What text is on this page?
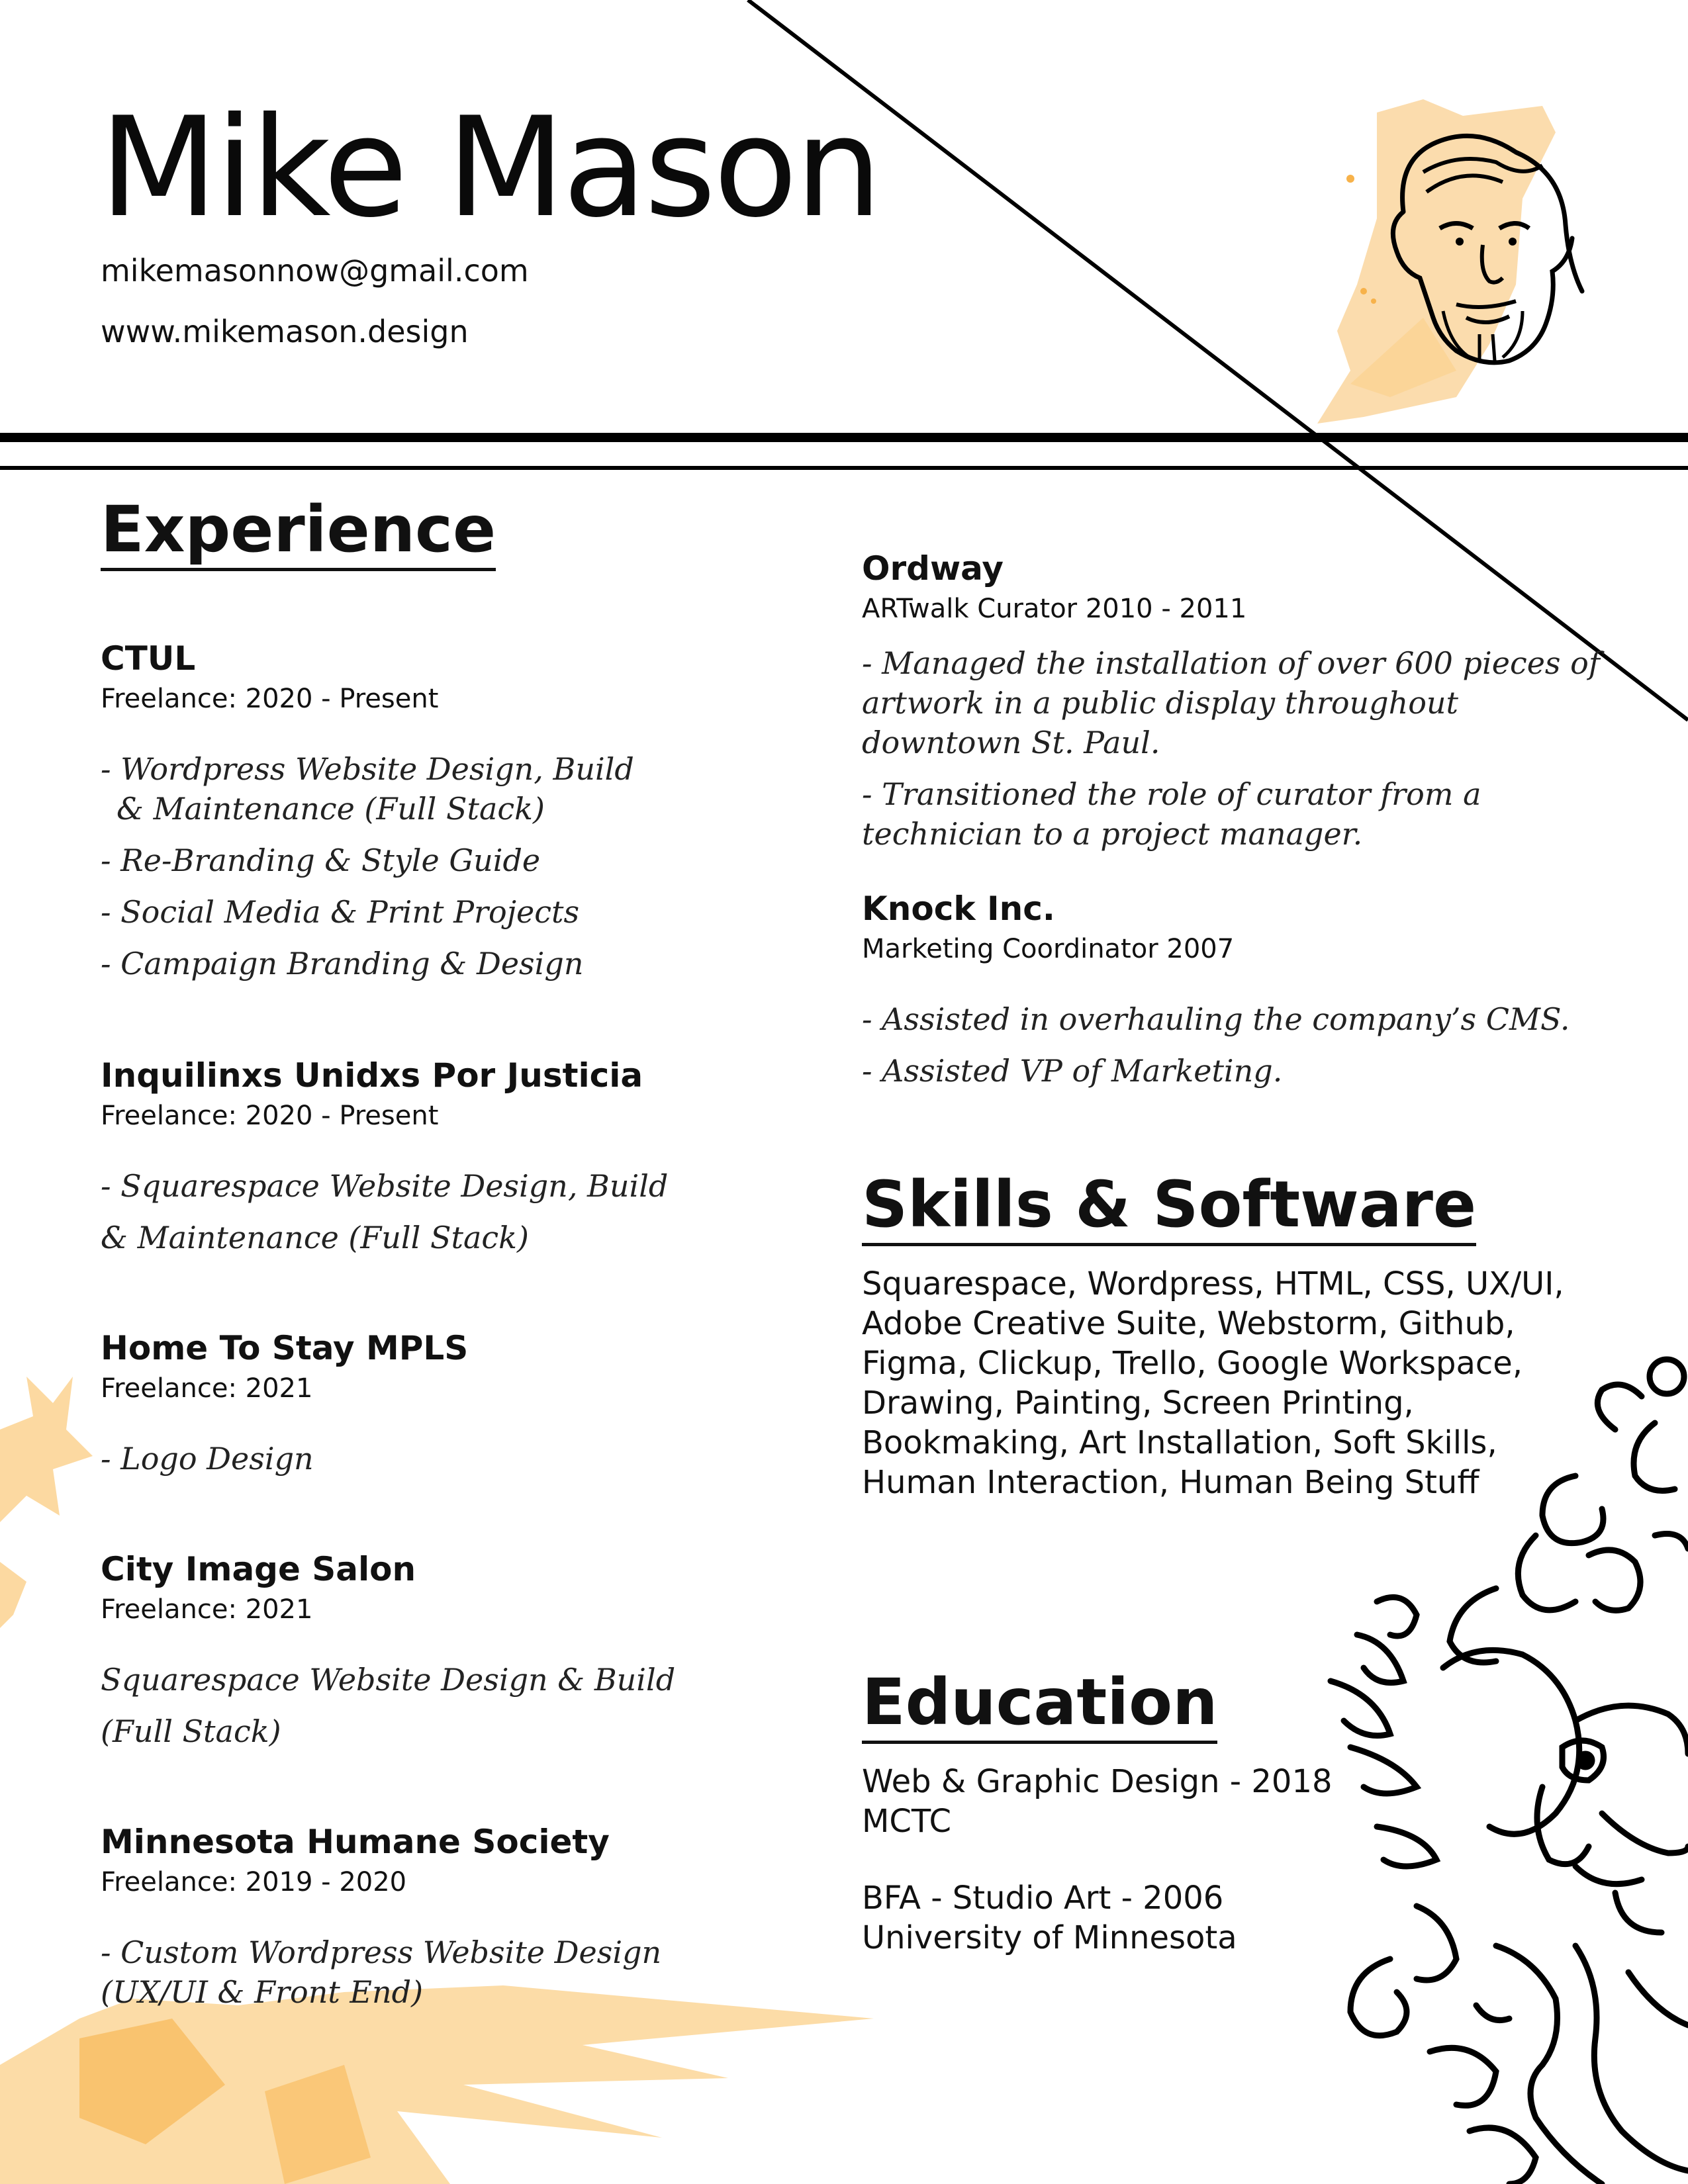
Mike Mason
mikemasonnow@gmail.com
www.mikemason.design
Experience
CTUL
Freelance: 2020 - Present
- Wordpress Website Design, Build
& Maintenance (Full Stack)
- Re-Branding & Style Guide
- Social Media & Print Projects
- Campaign Branding & Design
Inquilinxs Unidxs Por Justicia
Freelance: 2020 - Present
- Squarespace Website Design, Build
& Maintenance (Full Stack)
Home To Stay MPLS
Freelance: 2021
- Logo Design
City Image Salon
Freelance: 2021
Squarespace Website Design & Build
(Full Stack)
Minnesota Humane Society
Freelance: 2019 - 2020
- Custom Wordpress Website Design
(UX/UI & Front End)
Ordway
ARTwalk Curator 2010 - 2011
- Managed the installation of over 600 pieces of
artwork in a public display throughout
downtown St. Paul.
- Transitioned the role of curator from a
technician to a project manager.
Knock Inc.
Marketing Coordinator 2007
- Assisted in overhauling the company’s CMS.
- Assisted VP of Marketing.
Skills & Software
Squarespace, Wordpress, HTML, CSS, UX/UI,
Adobe Creative Suite, Webstorm, Github,
Figma, Clickup, Trello, Google Workspace,
Drawing, Painting, Screen Printing,
Bookmaking, Art Installation, Soft Skills,
Human Interaction, Human Being Stuff
Education
Web & Graphic Design - 2018
MCTC
BFA - Studio Art - 2006
University of Minnesota
